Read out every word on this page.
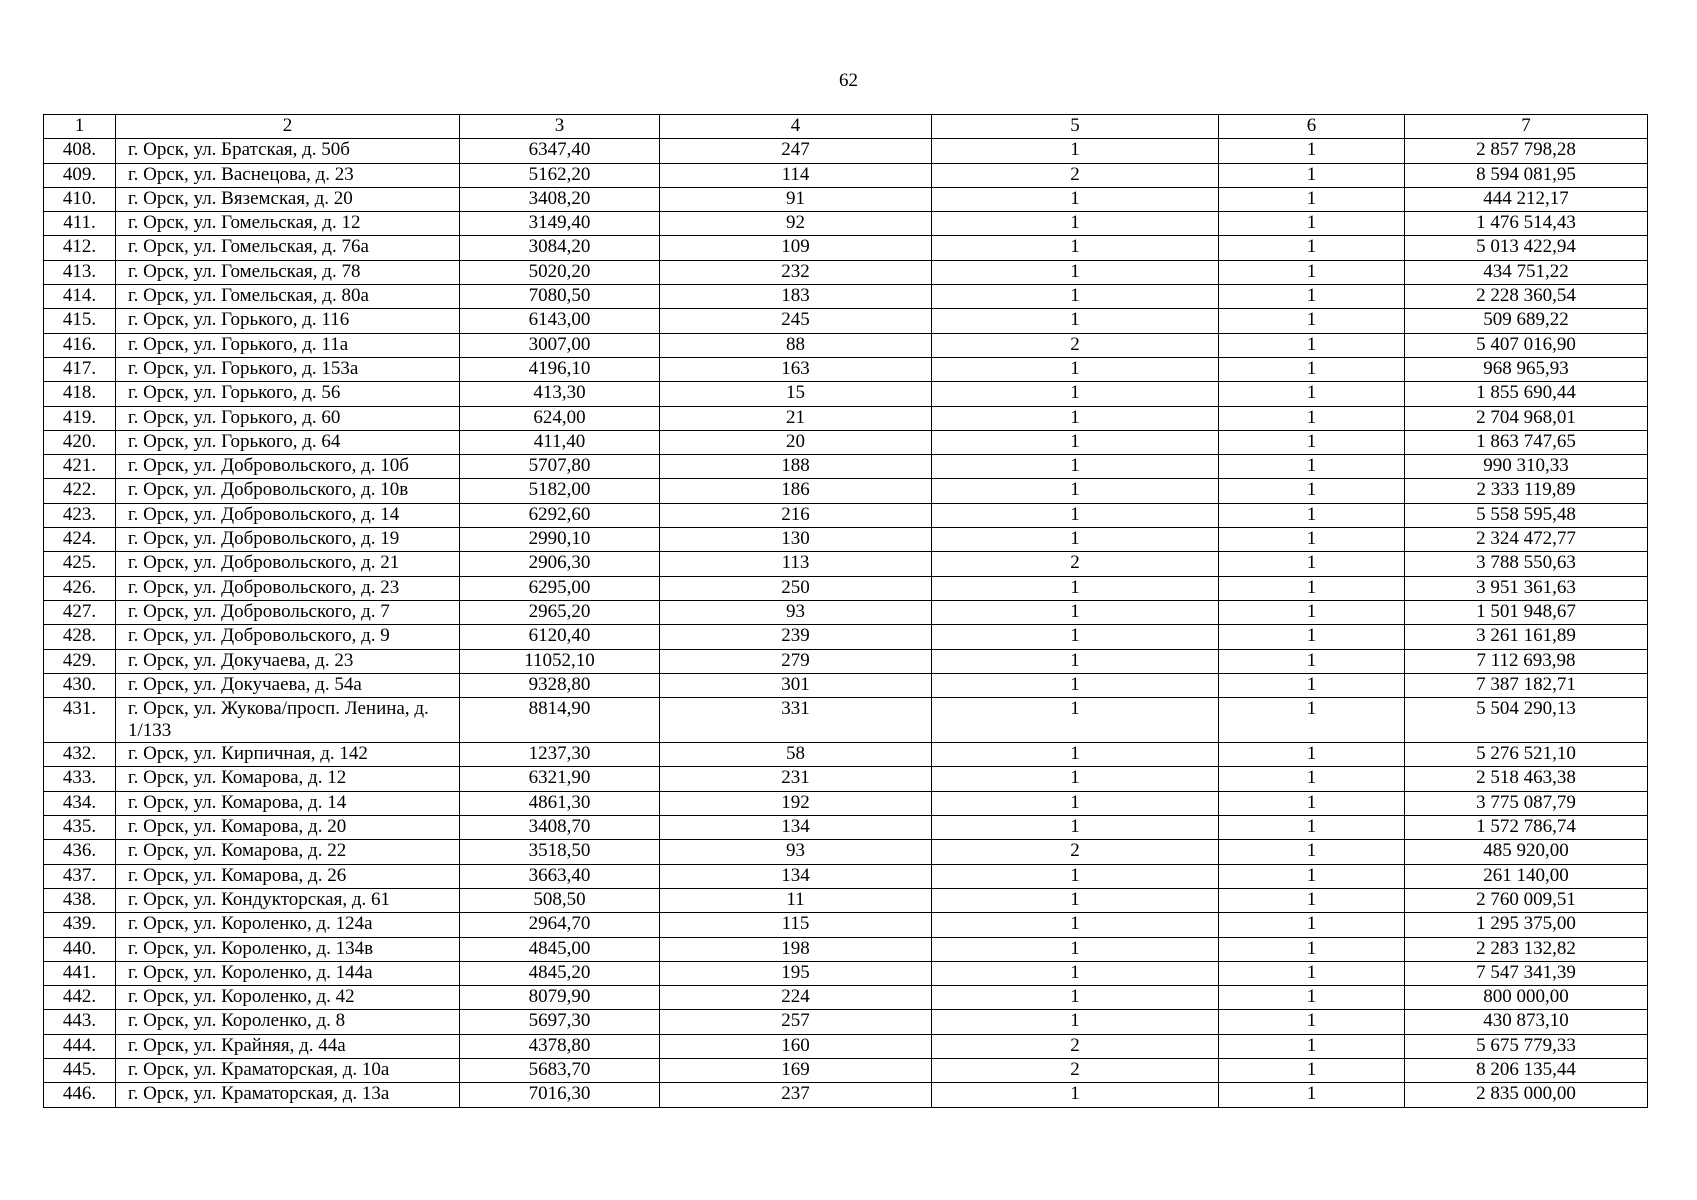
62
1	2	3	4	5	6	7
408.	г. Орск, ул. Братская, д. 50б	6347,40	247	1	1	2 857 798,28
409.	г. Орск, ул. Васнецова, д. 23	5162,20	114	2	1	8 594 081,95
410.	г. Орск, ул. Вяземская, д. 20	3408,20	91	1	1	444 212,17
411.	г. Орск, ул. Гомельская, д. 12	3149,40	92	1	1	1 476 514,43
412.	г. Орск, ул. Гомельская, д. 76а	3084,20	109	1	1	5 013 422,94
413.	г. Орск, ул. Гомельская, д. 78	5020,20	232	1	1	434 751,22
414.	г. Орск, ул. Гомельская, д. 80а	7080,50	183	1	1	2 228 360,54
415.	г. Орск, ул. Горького, д. 116	6143,00	245	1	1	509 689,22
416.	г. Орск, ул. Горького, д. 11а	3007,00	88	2	1	5 407 016,90
417.	г. Орск, ул. Горького, д. 153а	4196,10	163	1	1	968 965,93
418.	г. Орск, ул. Горького, д. 56	413,30	15	1	1	1 855 690,44
419.	г. Орск, ул. Горького, д. 60	624,00	21	1	1	2 704 968,01
420.	г. Орск, ул. Горького, д. 64	411,40	20	1	1	1 863 747,65
421.	г. Орск, ул. Добровольского, д. 10б	5707,80	188	1	1	990 310,33
422.	г. Орск, ул. Добровольского, д. 10в	5182,00	186	1	1	2 333 119,89
423.	г. Орск, ул. Добровольского, д. 14	6292,60	216	1	1	5 558 595,48
424.	г. Орск, ул. Добровольского, д. 19	2990,10	130	1	1	2 324 472,77
425.	г. Орск, ул. Добровольского, д. 21	2906,30	113	2	1	3 788 550,63
426.	г. Орск, ул. Добровольского, д. 23	6295,00	250	1	1	3 951 361,63
427.	г. Орск, ул. Добровольского, д. 7	2965,20	93	1	1	1 501 948,67
428.	г. Орск, ул. Добровольского, д. 9	6120,40	239	1	1	3 261 161,89
429.	г. Орск, ул. Докучаева, д. 23	11052,10	279	1	1	7 112 693,98
430.	г. Орск, ул. Докучаева, д. 54а	9328,80	301	1	1	7 387 182,71
431.	г. Орск, ул. Жукова/просп. Ленина, д. 1/133	8814,90	331	1	1	5 504 290,13
432.	г. Орск, ул. Кирпичная, д. 142	1237,30	58	1	1	5 276 521,10
433.	г. Орск, ул. Комарова, д. 12	6321,90	231	1	1	2 518 463,38
434.	г. Орск, ул. Комарова, д. 14	4861,30	192	1	1	3 775 087,79
435.	г. Орск, ул. Комарова, д. 20	3408,70	134	1	1	1 572 786,74
436.	г. Орск, ул. Комарова, д. 22	3518,50	93	2	1	485 920,00
437.	г. Орск, ул. Комарова, д. 26	3663,40	134	1	1	261 140,00
438.	г. Орск, ул. Кондукторская, д. 61	508,50	11	1	1	2 760 009,51
439.	г. Орск, ул. Короленко, д. 124а	2964,70	115	1	1	1 295 375,00
440.	г. Орск, ул. Короленко, д. 134в	4845,00	198	1	1	2 283 132,82
441.	г. Орск, ул. Короленко, д. 144а	4845,20	195	1	1	7 547 341,39
442.	г. Орск, ул. Короленко, д. 42	8079,90	224	1	1	800 000,00
443.	г. Орск, ул. Короленко, д. 8	5697,30	257	1	1	430 873,10
444.	г. Орск, ул. Крайняя, д. 44а	4378,80	160	2	1	5 675 779,33
445.	г. Орск, ул. Краматорская, д. 10а	5683,70	169	2	1	8 206 135,44
446.	г. Орск, ул. Краматорская, д. 13а	7016,30	237	1	1	2 835 000,00
